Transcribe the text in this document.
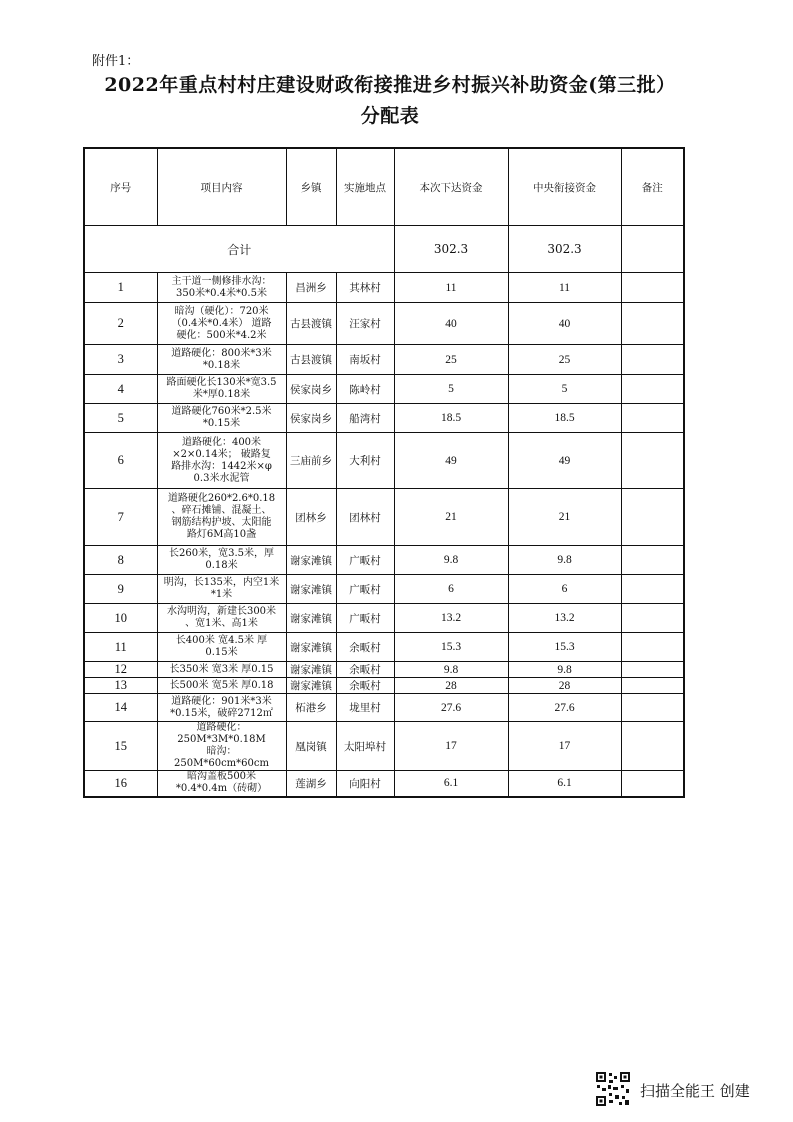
附件1：
2022年重点村村庄建设财政衔接推进乡村振兴补助资金(第三批）
分配表
序号	项目内容	乡镇	实施地点	本次下达资金	中央衔接资金	备注
合计				302.3	302.3	
1	主干道一侧修排水沟：
350米*0.4米*0.5米	昌洲乡	其林村	11	11	
2	暗沟（硬化）：720米
（0.4米*0.4米） 道路
硬化：500米*4.2米	古县渡镇	汪家村	40	40	
3	道路硬化：800米*3米
*0.18米	古县渡镇	南坂村	25	25	
4	路面硬化长130米*宽3.5
米*厚0.18米	侯家岗乡	陈岭村	5	5	
5	道路硬化760米*2.5米
*0.15米	侯家岗乡	船湾村	18.5	18.5	
6	道路硬化：400米
×2×0.14米； 破路复
路排水沟：1442米×φ
0.3米水泥管	三庙前乡	大利村	49	49	
7	道路硬化260*2.6*0.18
、碎石摊铺、混凝土、
钢筋结构护坡、太阳能
路灯6M高10盏	团林乡	团林村	21	21	
8	长260米，宽3.5米，厚
0.18米	谢家滩镇	广畈村	9.8	9.8	
9	明沟，长135米，内空1米
*1米	谢家滩镇	广畈村	6	6	
10	水沟明沟，新建长300米
、宽1米、高1米	谢家滩镇	广畈村	13.2	13.2	
11	长400米 宽4.5米 厚
0.15米	谢家滩镇	余畈村	15.3	15.3	
12	长350米 宽3米 厚0.15	谢家滩镇	余畈村	9.8	9.8	
13	长500米 宽5米 厚0.18	谢家滩镇	余畈村	28	28	
14	道路硬化：901米*3米
*0.15米，破碎2712㎡	柘港乡	垅里村	27.6	27.6	
15	道路硬化：
250M*3M*0.18M
暗沟：250M*60cm*60cm	凰岗镇	太阳埠村	17	17	
16	暗沟盖板500米
*0.4*0.4m（砖砌）	莲湖乡	向阳村	6.1	6.1	
扫描全能王 创建
